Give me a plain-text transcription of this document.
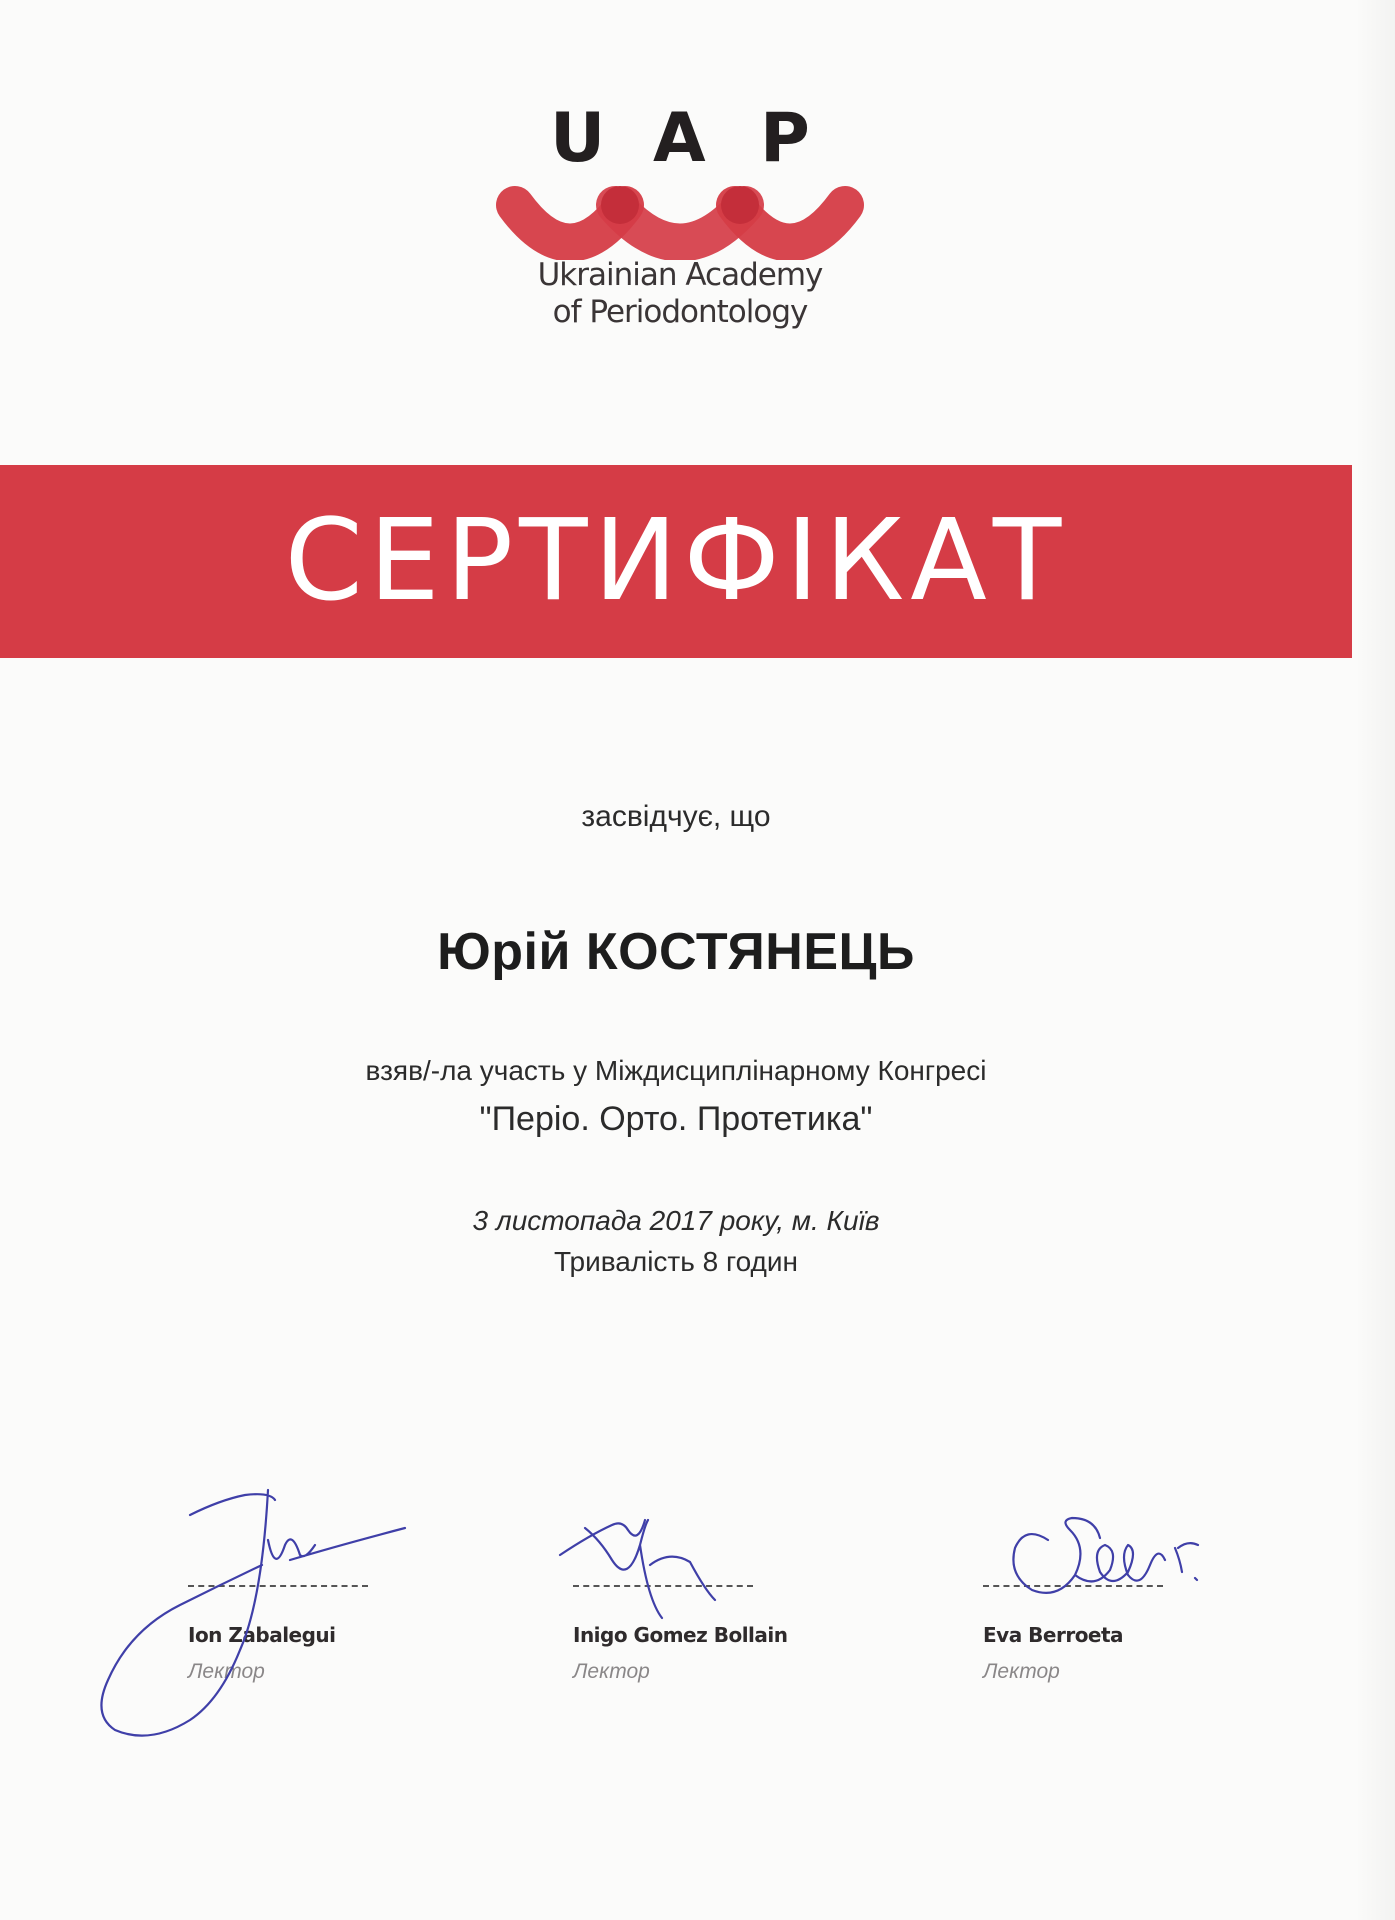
U A P
Ukrainian Academy
of Periodontology
СЕРТИФІКАТ
засвідчує, що
Юрій КОСТЯНЕЦЬ
взяв/-ла участь у Міждисциплінарному Конгресі
"Періо. Орто. Протетика"
3 листопада 2017 року, м. Київ
Тривалість 8 годин
Ion Zabalegui
Лектор
Inigo Gomez Bollain
Лектор
Eva Berroeta
Лектор
